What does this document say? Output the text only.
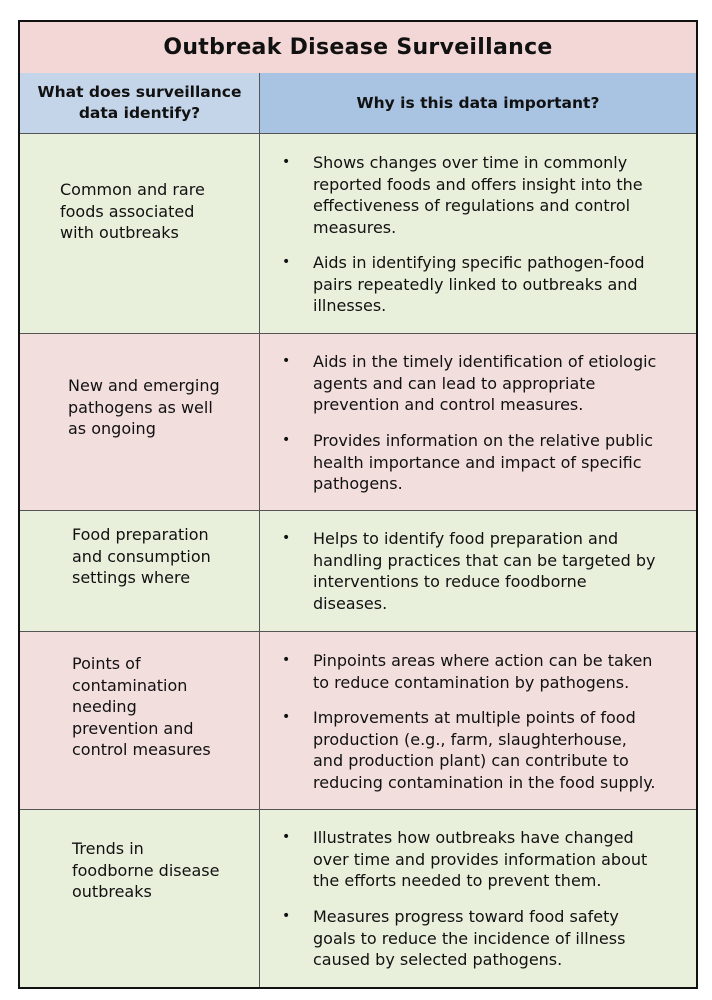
Outbreak Disease Surveillance
What does surveillance
data identify?
Why is this data important?
Common and rare
foods associated
with outbreaks
• Shows changes over time in commonly
reported foods and offers insight into the
effectiveness of regulations and control
measures.
• Aids in identifying specific pathogen-food
pairs repeatedly linked to outbreaks and
illnesses.
New and emerging
pathogens as well
as ongoing
• Aids in the timely identification of etiologic
agents and can lead to appropriate
prevention and control measures.
• Provides information on the relative public
health importance and impact of specific
pathogens.
Food preparation
and consumption
settings where
• Helps to identify food preparation and
handling practices that can be targeted by
interventions to reduce foodborne
diseases.
Points of
contamination
needing
prevention and
control measures
• Pinpoints areas where action can be taken
to reduce contamination by pathogens.
• Improvements at multiple points of food
production (e.g., farm, slaughterhouse,
and production plant) can contribute to
reducing contamination in the food supply.
Trends in
foodborne disease
outbreaks
• Illustrates how outbreaks have changed
over time and provides information about
the efforts needed to prevent them.
• Measures progress toward food safety
goals to reduce the incidence of illness
caused by selected pathogens.
